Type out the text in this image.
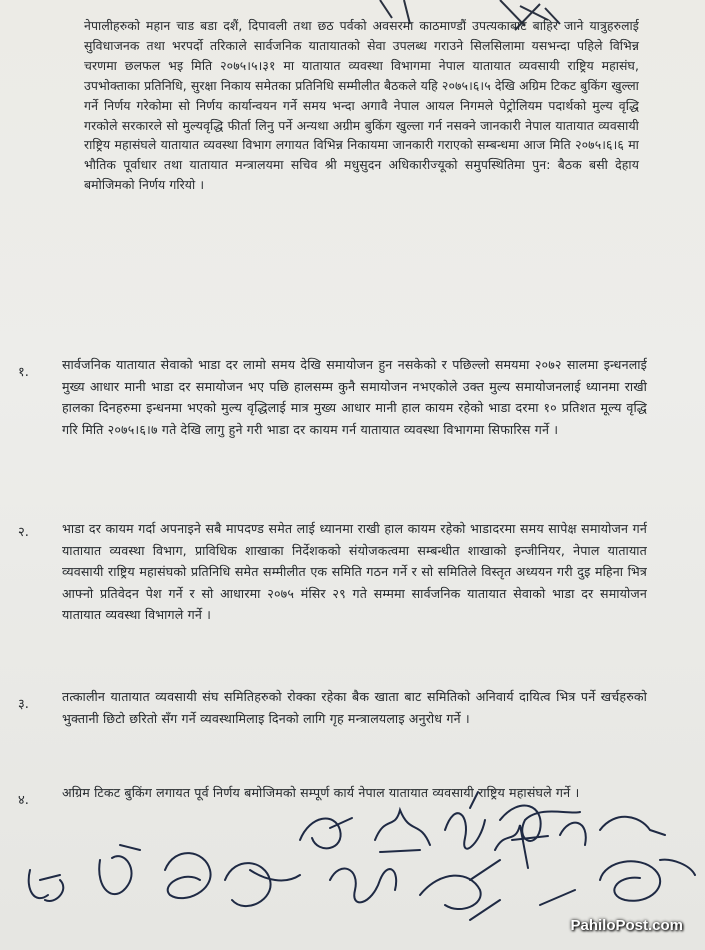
नेपालीहरुको महान चाड बडा दशैं, दिपावली तथा छठ पर्वको अवसरमा काठमाण्डौं उपत्यकाबाट बाहिर जाने यात्रुहरुलाई सुविधाजनक तथा भरपर्दो तरिकाले सार्वजनिक यातायातको सेवा उपलब्ध गराउने सिलसिलामा यसभन्दा पहिले विभिन्न चरणमा छलफल भइ मिति २०७५।५।३१ मा यातायात व्यवस्था विभागमा नेपाल यातायात व्यवसायी राष्ट्रिय महासंघ, उपभोक्ताका प्रतिनिधि, सुरक्षा निकाय समेतका प्रतिनिधि सम्मीलीत बैठकले यहि २०७५।६।५ देखि अग्रिम टिकट बुकिंग खुल्ला गर्ने निर्णय गरेकोमा सो निर्णय कार्यान्वयन गर्ने समय भन्दा अगावै नेपाल आयल निगमले पेट्रोलियम पदार्थको मुल्य वृद्धि गरकोले सरकारले सो मुल्यवृद्धि फीर्ता लिनु पर्ने अन्यथा अग्रीम बुकिंग खुल्ला गर्न नसक्ने जानकारी नेपाल यातायात व्यवसायी राष्ट्रिय महासंघले यातायात व्यवस्था विभाग लगायत विभिन्न निकायमा जानकारी गराएको सम्बन्धमा आज मिति २०७५।६।६ मा भौतिक पूर्वाधार तथा यातायात मन्त्रालयमा सचिव श्री मधुसुदन अधिकारीज्यूको समुपस्थितिमा पुन: बैठक बसी देहाय बमोजिमको निर्णय गरियो ।
१.
सार्वजनिक यातायात सेवाको भाडा दर लामो समय देखि समायोजन हुन नसकेको र पछिल्लो समयमा २०७२ सालमा इन्धनलाई मुख्य आधार मानी भाडा दर समायोजन भए पछि हालसम्म कुनै समायोजन नभएकोले उक्त मुल्य समायोजनलाई ध्यानमा राखी हालका दिनहरुमा इन्धनमा भएको मुल्य वृद्धिलाई मात्र मुख्य आधार मानी हाल कायम रहेको भाडा दरमा १० प्रतिशत मूल्य वृद्धि गरि मिति २०७५।६।७ गते देखि लागु हुने गरी भाडा दर कायम गर्न यातायात व्यवस्था विभागमा सिफारिस गर्ने ।
२.	भाडा दर कायम गर्दा अपनाइने सबै मापदण्ड समेत लाई ध्यानमा राखी हाल कायम रहेको भाडादरमा समय सापेक्ष समायोजन गर्न यातायात व्यवस्था विभाग, प्राविधिक शाखाका निर्देशकको संयोजकत्वमा सम्बन्धीत शाखाको इन्जीनियर, नेपाल यातायात व्यवसायी राष्ट्रिय महासंघको प्रतिनिधि समेत सम्मीलीत एक समिति गठन गर्ने र सो समितिले विस्तृत अध्ययन गरी दुइ महिना भित्र आफ्नो प्रतिवेदन पेश गर्ने र सो आधारमा २०७५ मंसिर २९ गते सम्ममा सार्वजनिक यातायात सेवाको भाडा दर समायोजन यातायात व्यवस्था विभागले गर्ने ।
३.
तत्कालीन यातायात व्यवसायी संघ समितिहरुको रोक्का रहेका बैक खाता बाट समितिको अनिवार्य दायित्व भित्र पर्ने खर्चहरुको भुक्तानी छिटो छरितो सँग गर्ने व्यवस्थामिलाइ दिनको लागि गृह मन्त्रालयलाइ अनुरोध गर्ने ।
४.
अग्रिम टिकट बुकिंग लगायत पूर्व निर्णय बमोजिमको सम्पूर्ण कार्य नेपाल यातायात व्यवसायी राष्ट्रिय महासंघले गर्ने ।
PahiloPost.com
